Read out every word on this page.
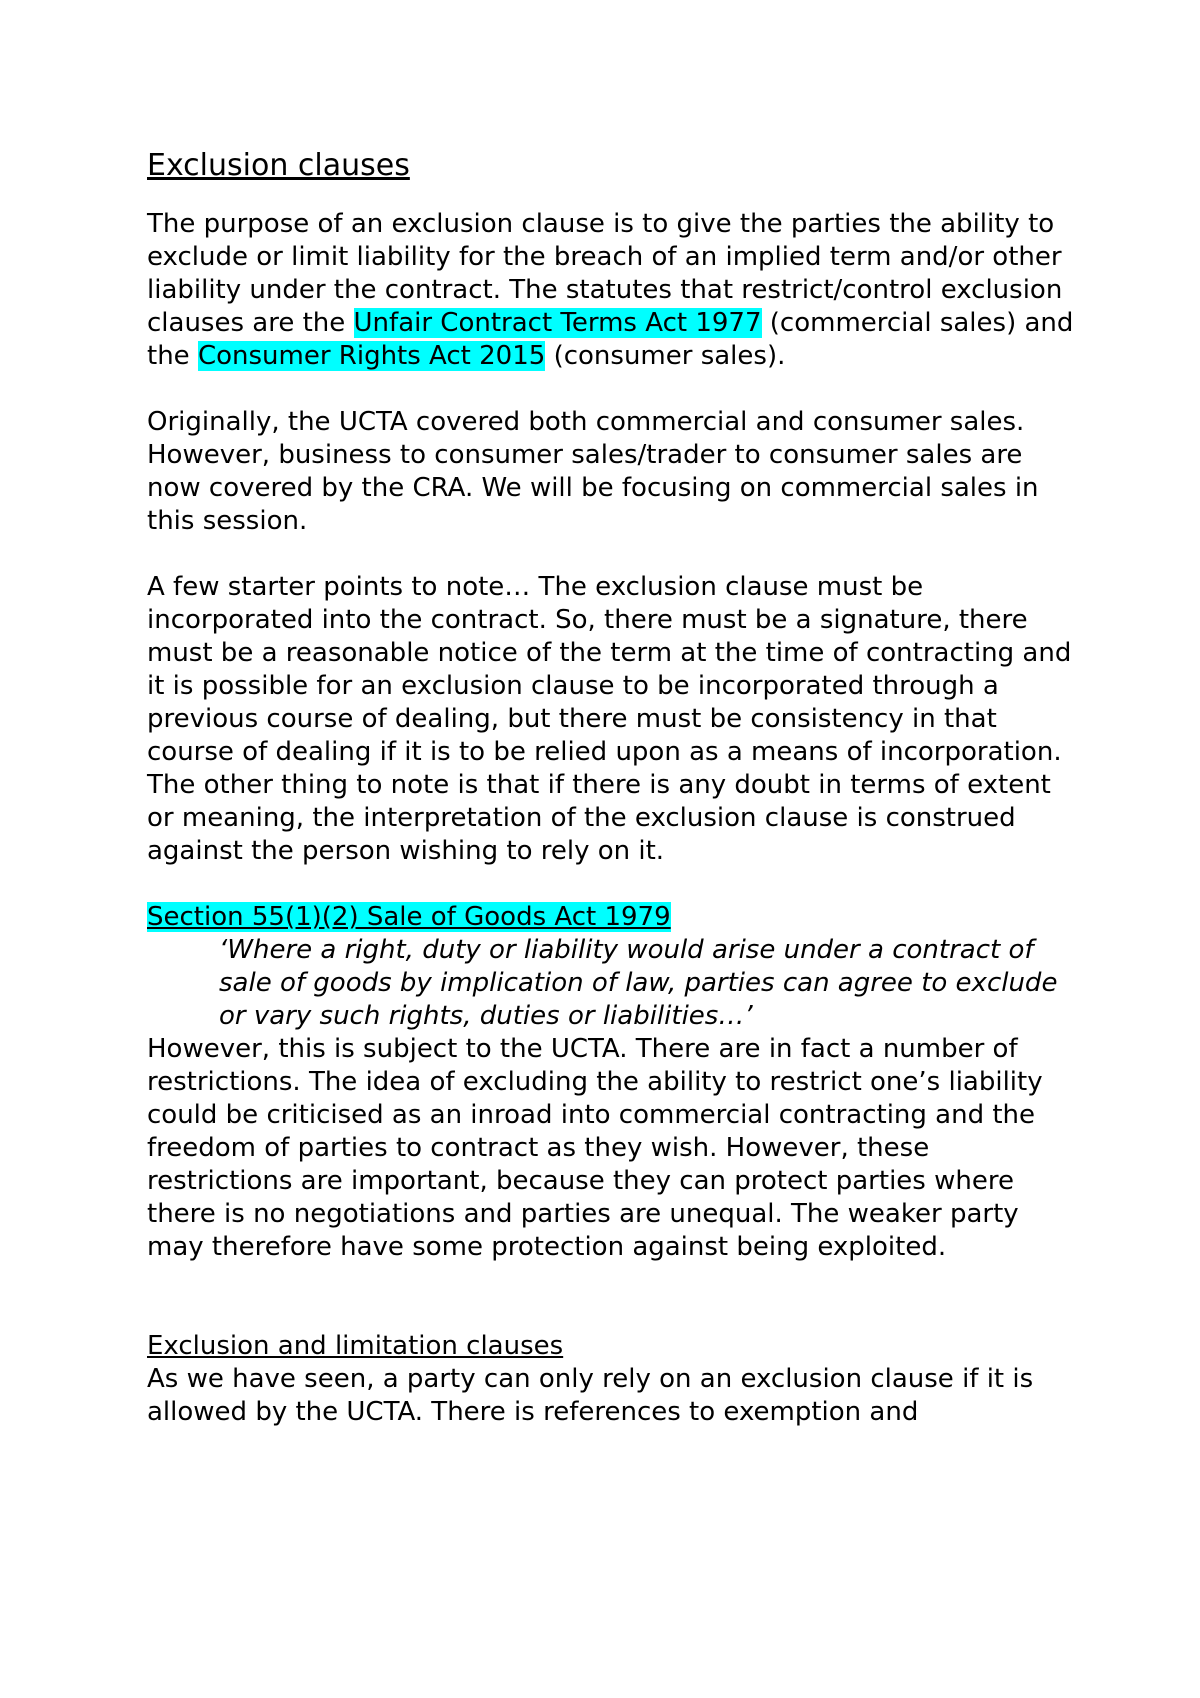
Exclusion clauses

The purpose of an exclusion clause is to give the parties the ability to exclude or limit liability for the breach of an implied term and/or other liability under the contract. The statutes that restrict/control exclusion clauses are the Unfair Contract Terms Act 1977 (commercial sales) and the Consumer Rights Act 2015 (consumer sales).

Originally, the UCTA covered both commercial and consumer sales. However, business to consumer sales/trader to consumer sales are now covered by the CRA. We will be focusing on commercial sales in this session.

A few starter points to note… The exclusion clause must be incorporated into the contract. So, there must be a signature, there must be a reasonable notice of the term at the time of contracting and it is possible for an exclusion clause to be incorporated through a previous course of dealing, but there must be consistency in that course of dealing if it is to be relied upon as a means of incorporation. The other thing to note is that if there is any doubt in terms of extent or meaning, the interpretation of the exclusion clause is construed against the person wishing to rely on it.

Section 55(1)(2) Sale of Goods Act 1979

‘Where a right, duty or liability would arise under a contract of sale of goods by implication of law, parties can agree to exclude or vary such rights, duties or liabilities…’

However, this is subject to the UCTA. There are in fact a number of restrictions. The idea of excluding the ability to restrict one’s liability could be criticised as an inroad into commercial contracting and the freedom of parties to contract as they wish. However, these restrictions are important, because they can protect parties where there is no negotiations and parties are unequal. The weaker party may therefore have some protection against being exploited.

Exclusion and limitation clauses

As we have seen, a party can only rely on an exclusion clause if it is allowed by the UCTA. There is references to exemption and
